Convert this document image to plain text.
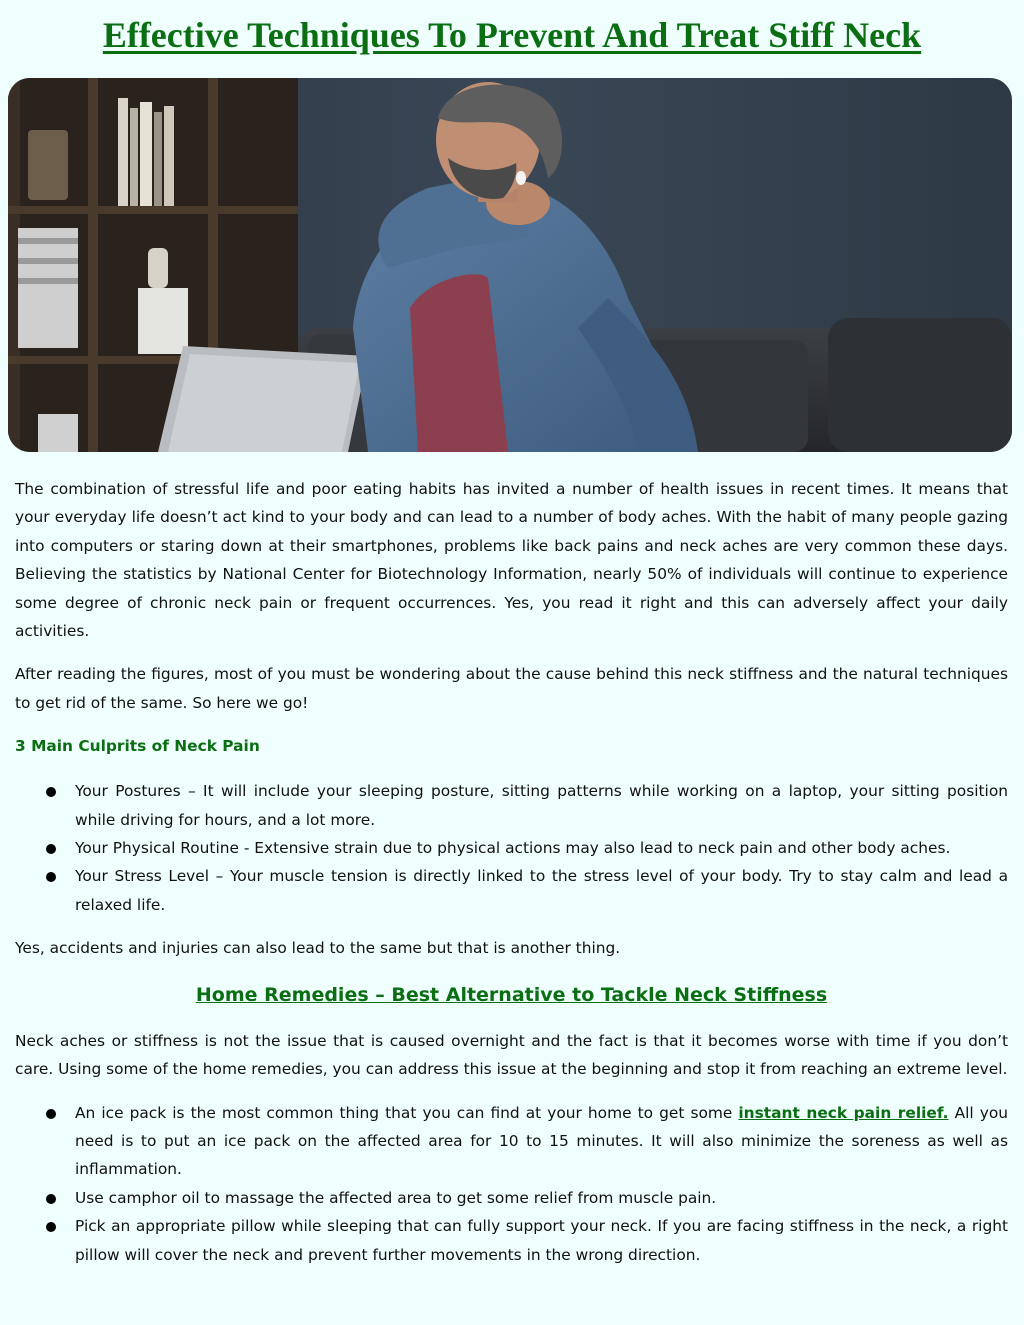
Effective Techniques To Prevent And Treat Stiff Neck

The combination of stressful life and poor eating habits has invited a number of health issues in recent times. It means that your everyday life doesn’t act kind to your body and can lead to a number of body aches. With the habit of many people gazing into computers or staring down at their smartphones, problems like back pains and neck aches are very common these days. Believing the statistics by National Center for Biotechnology Information, nearly 50% of individuals will continue to experience some degree of chronic neck pain or frequent occurrences. Yes, you read it right and this can adversely affect your daily activities.

After reading the figures, most of you must be wondering about the cause behind this neck stiffness and the natural techniques to get rid of the same. So here we go!

3 Main Culprits of Neck Pain
Your Postures – It will include your sleeping posture, sitting patterns while working on a laptop, your sitting position while driving for hours, and a lot more.
Your Physical Routine - Extensive strain due to physical actions may also lead to neck pain and other body aches.
Your Stress Level – Your muscle tension is directly linked to the stress level of your body. Try to stay calm and lead a relaxed life.

Yes, accidents and injuries can also lead to the same but that is another thing.

Home Remedies – Best Alternative to Tackle Neck Stiffness

Neck aches or stiffness is not the issue that is caused overnight and the fact is that it becomes worse with time if you don’t care. Using some of the home remedies, you can address this issue at the beginning and stop it from reaching an extreme level.

An ice pack is the most common thing that you can find at your home to get some instant neck pain relief. All you need is to put an ice pack on the affected area for 10 to 15 minutes. It will also minimize the soreness as well as inflammation.
Use camphor oil to massage the affected area to get some relief from muscle pain.
Pick an appropriate pillow while sleeping that can fully support your neck. If you are facing stiffness in the neck, a right pillow will cover the neck and prevent further movements in the wrong direction.
